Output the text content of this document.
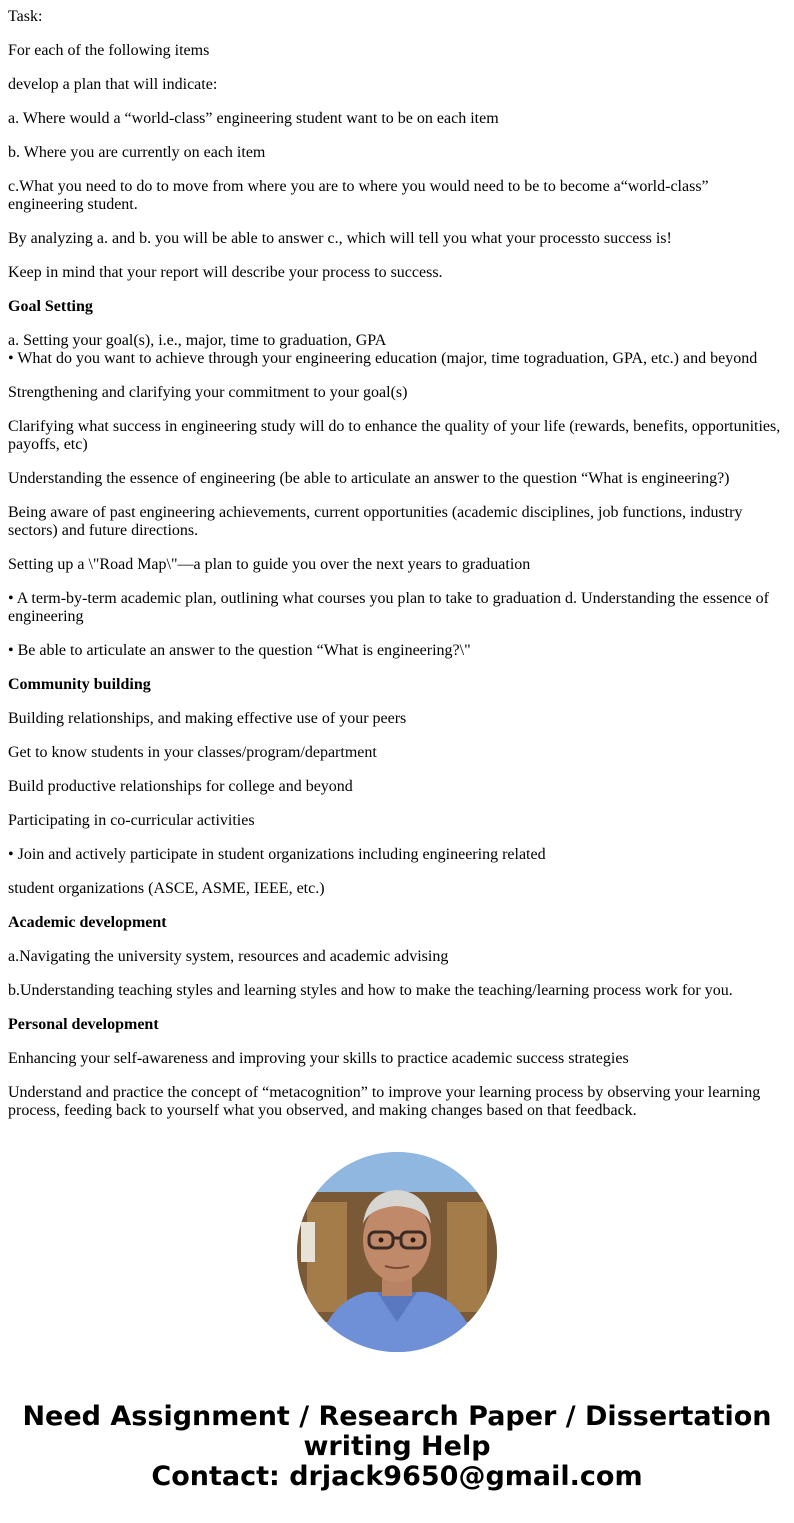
Task:

For each of the following items

develop a plan that will indicate:

a. Where would a “world-class” engineering student want to be on each item

b. Where you are currently on each item

c.What you need to do to move from where you are to where you would need to be to become a“world-class” engineering student.

By analyzing a. and b. you will be able to answer c., which will tell you what your processto success is!

Keep in mind that your report will describe your process to success.

Goal Setting

a. Setting your goal(s), i.e., major, time to graduation, GPA

• What do you want to achieve through your engineering education (major, time tograduation, GPA, etc.) and beyond

Strengthening and clarifying your commitment to your goal(s)

Clarifying what success in engineering study will do to enhance the quality of your life (rewards, benefits, opportunities, payoffs, etc)

Understanding the essence of engineering (be able to articulate an answer to the question “What is engineering?)

Being aware of past engineering achievements, current opportunities (academic disciplines, job functions, industry sectors) and future directions.

Setting up a \"Road Map\"—a plan to guide you over the next years to graduation

• A term-by-term academic plan, outlining what courses you plan to take to graduation d. Understanding the essence of engineering

• Be able to articulate an answer to the question “What is engineering?\"

Community building

Building relationships, and making effective use of your peers

Get to know students in your classes/program/department

Build productive relationships for college and beyond

Participating in co-curricular activities

• Join and actively participate in student organizations including engineering related

student organizations (ASCE, ASME, IEEE, etc.)

Academic development

a.Navigating the university system, resources and academic advising

b.Understanding teaching styles and learning styles and how to make the teaching/learning process work for you.

Personal development

Enhancing your self-awareness and improving your skills to practice academic success strategies

Understand and practice the concept of “metacognition” to improve your learning process by observing your learning process, feeding back to yourself what you observed, and making changes based on that feedback.

Need Assignment / Research Paper / Dissertation
writing Help
Contact: drjack9650@gmail.com
